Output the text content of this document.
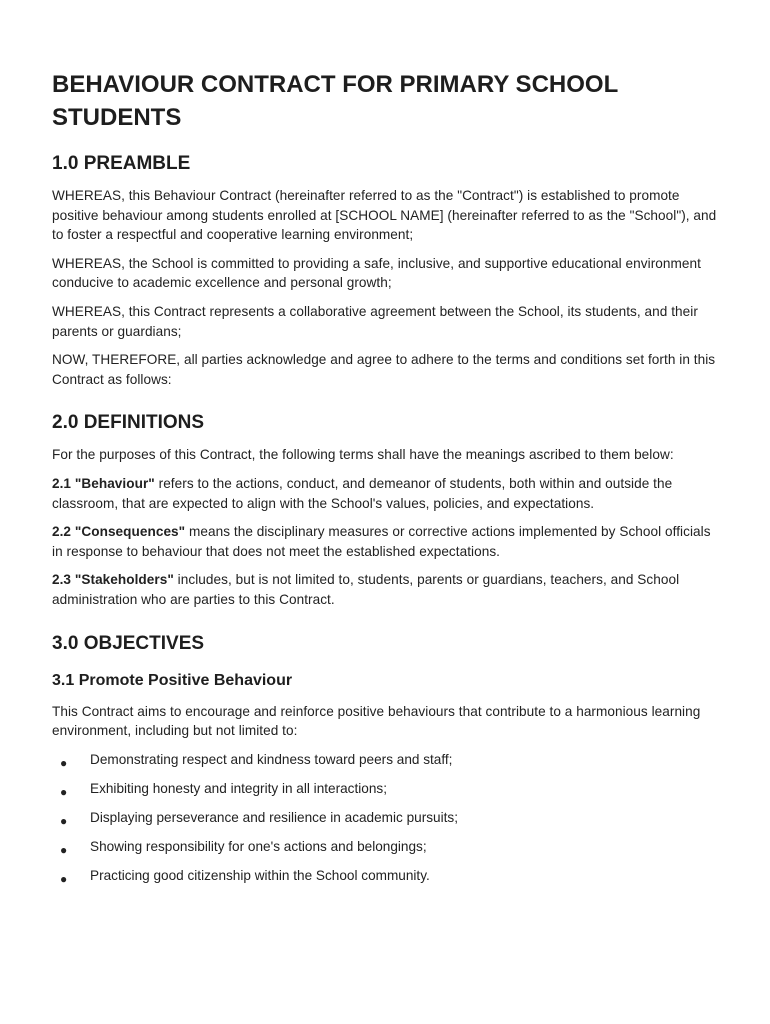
BEHAVIOUR CONTRACT FOR PRIMARY SCHOOL STUDENTS
1.0 PREAMBLE

WHEREAS, this Behaviour Contract (hereinafter referred to as the "Contract") is established to promote positive behaviour among students enrolled at [SCHOOL NAME] (hereinafter referred to as the "School"), and to foster a respectful and cooperative learning environment;

WHEREAS, the School is committed to providing a safe, inclusive, and supportive educational environment conducive to academic excellence and personal growth;

WHEREAS, this Contract represents a collaborative agreement between the School, its students, and their parents or guardians;

NOW, THEREFORE, all parties acknowledge and agree to adhere to the terms and conditions set forth in this Contract as follows:

2.0 DEFINITIONS

For the purposes of this Contract, the following terms shall have the meanings ascribed to them below:

2.1 "Behaviour" refers to the actions, conduct, and demeanor of students, both within and outside the classroom, that are expected to align with the School's values, policies, and expectations.

2.2 "Consequences" means the disciplinary measures or corrective actions implemented by School officials in response to behaviour that does not meet the established expectations.

2.3 "Stakeholders" includes, but is not limited to, students, parents or guardians, teachers, and School administration who are parties to this Contract.

3.0 OBJECTIVES
3.1 Promote Positive Behaviour

This Contract aims to encourage and reinforce positive behaviours that contribute to a harmonious learning environment, including but not limited to:

● Demonstrating respect and kindness toward peers and staff;
● Exhibiting honesty and integrity in all interactions;
● Displaying perseverance and resilience in academic pursuits;
● Showing responsibility for one's actions and belongings;
● Practicing good citizenship within the School community.
